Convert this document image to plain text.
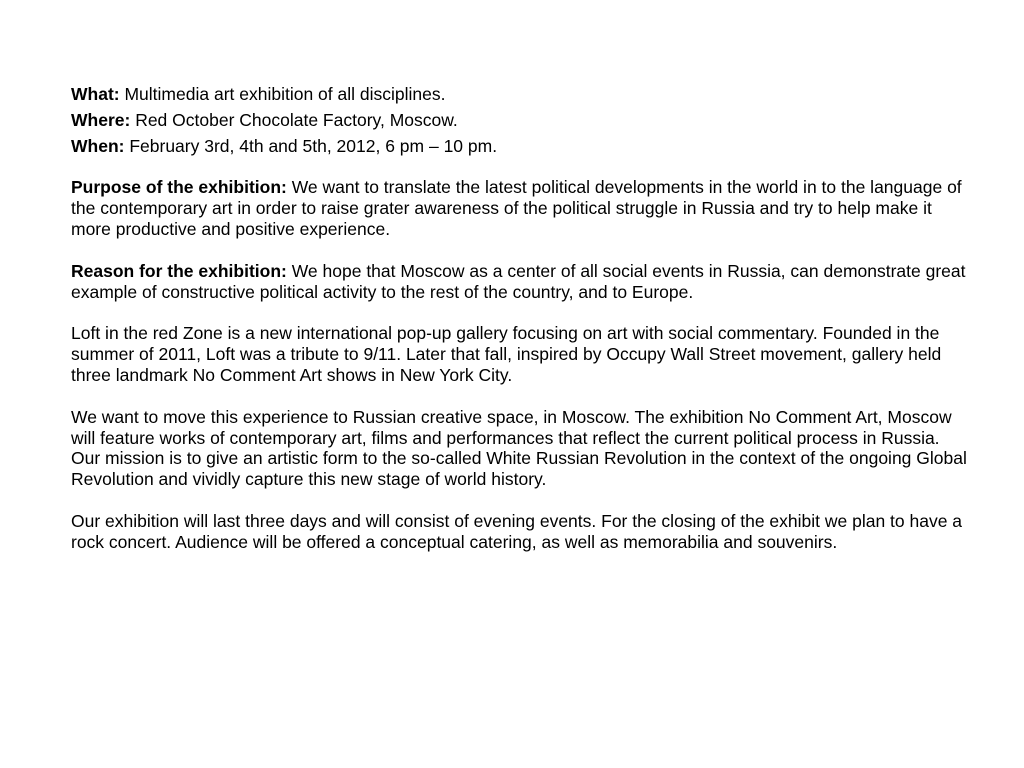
What: Multimedia art exhibition of all disciplines.

Where: Red October Chocolate Factory, Moscow.

When: February 3rd, 4th and 5th, 2012, 6 pm – 10 pm.

Purpose of the exhibition: We want to translate the latest political developments in the world in to the language of the contemporary art in order to raise grater awareness of the political struggle in Russia and try to help make it more productive and positive experience.

Reason for the exhibition: We hope that Moscow as a center of all social events in Russia, can demonstrate great example of constructive political activity to the rest of the country, and to Europe.

Loft in the red Zone is a new international pop-up gallery focusing on art with social commentary. Founded in the summer of 2011, Loft was a tribute to 9/11. Later that fall, inspired by Occupy Wall Street movement, gallery held three landmark No Comment Art shows in New York City.

We want to move this experience to Russian creative space, in Moscow. The exhibition No Comment Art, Moscow will feature works of contemporary art, films and performances that reflect the current political process in Russia. Our mission is to give an artistic form to the so-called White Russian Revolution in the context of the ongoing Global Revolution and vividly capture this new stage of world history.

Our exhibition will last three days and will consist of evening events. For the closing of the exhibit we plan to have a rock concert. Audience will be offered a conceptual catering, as well as memorabilia and souvenirs.
